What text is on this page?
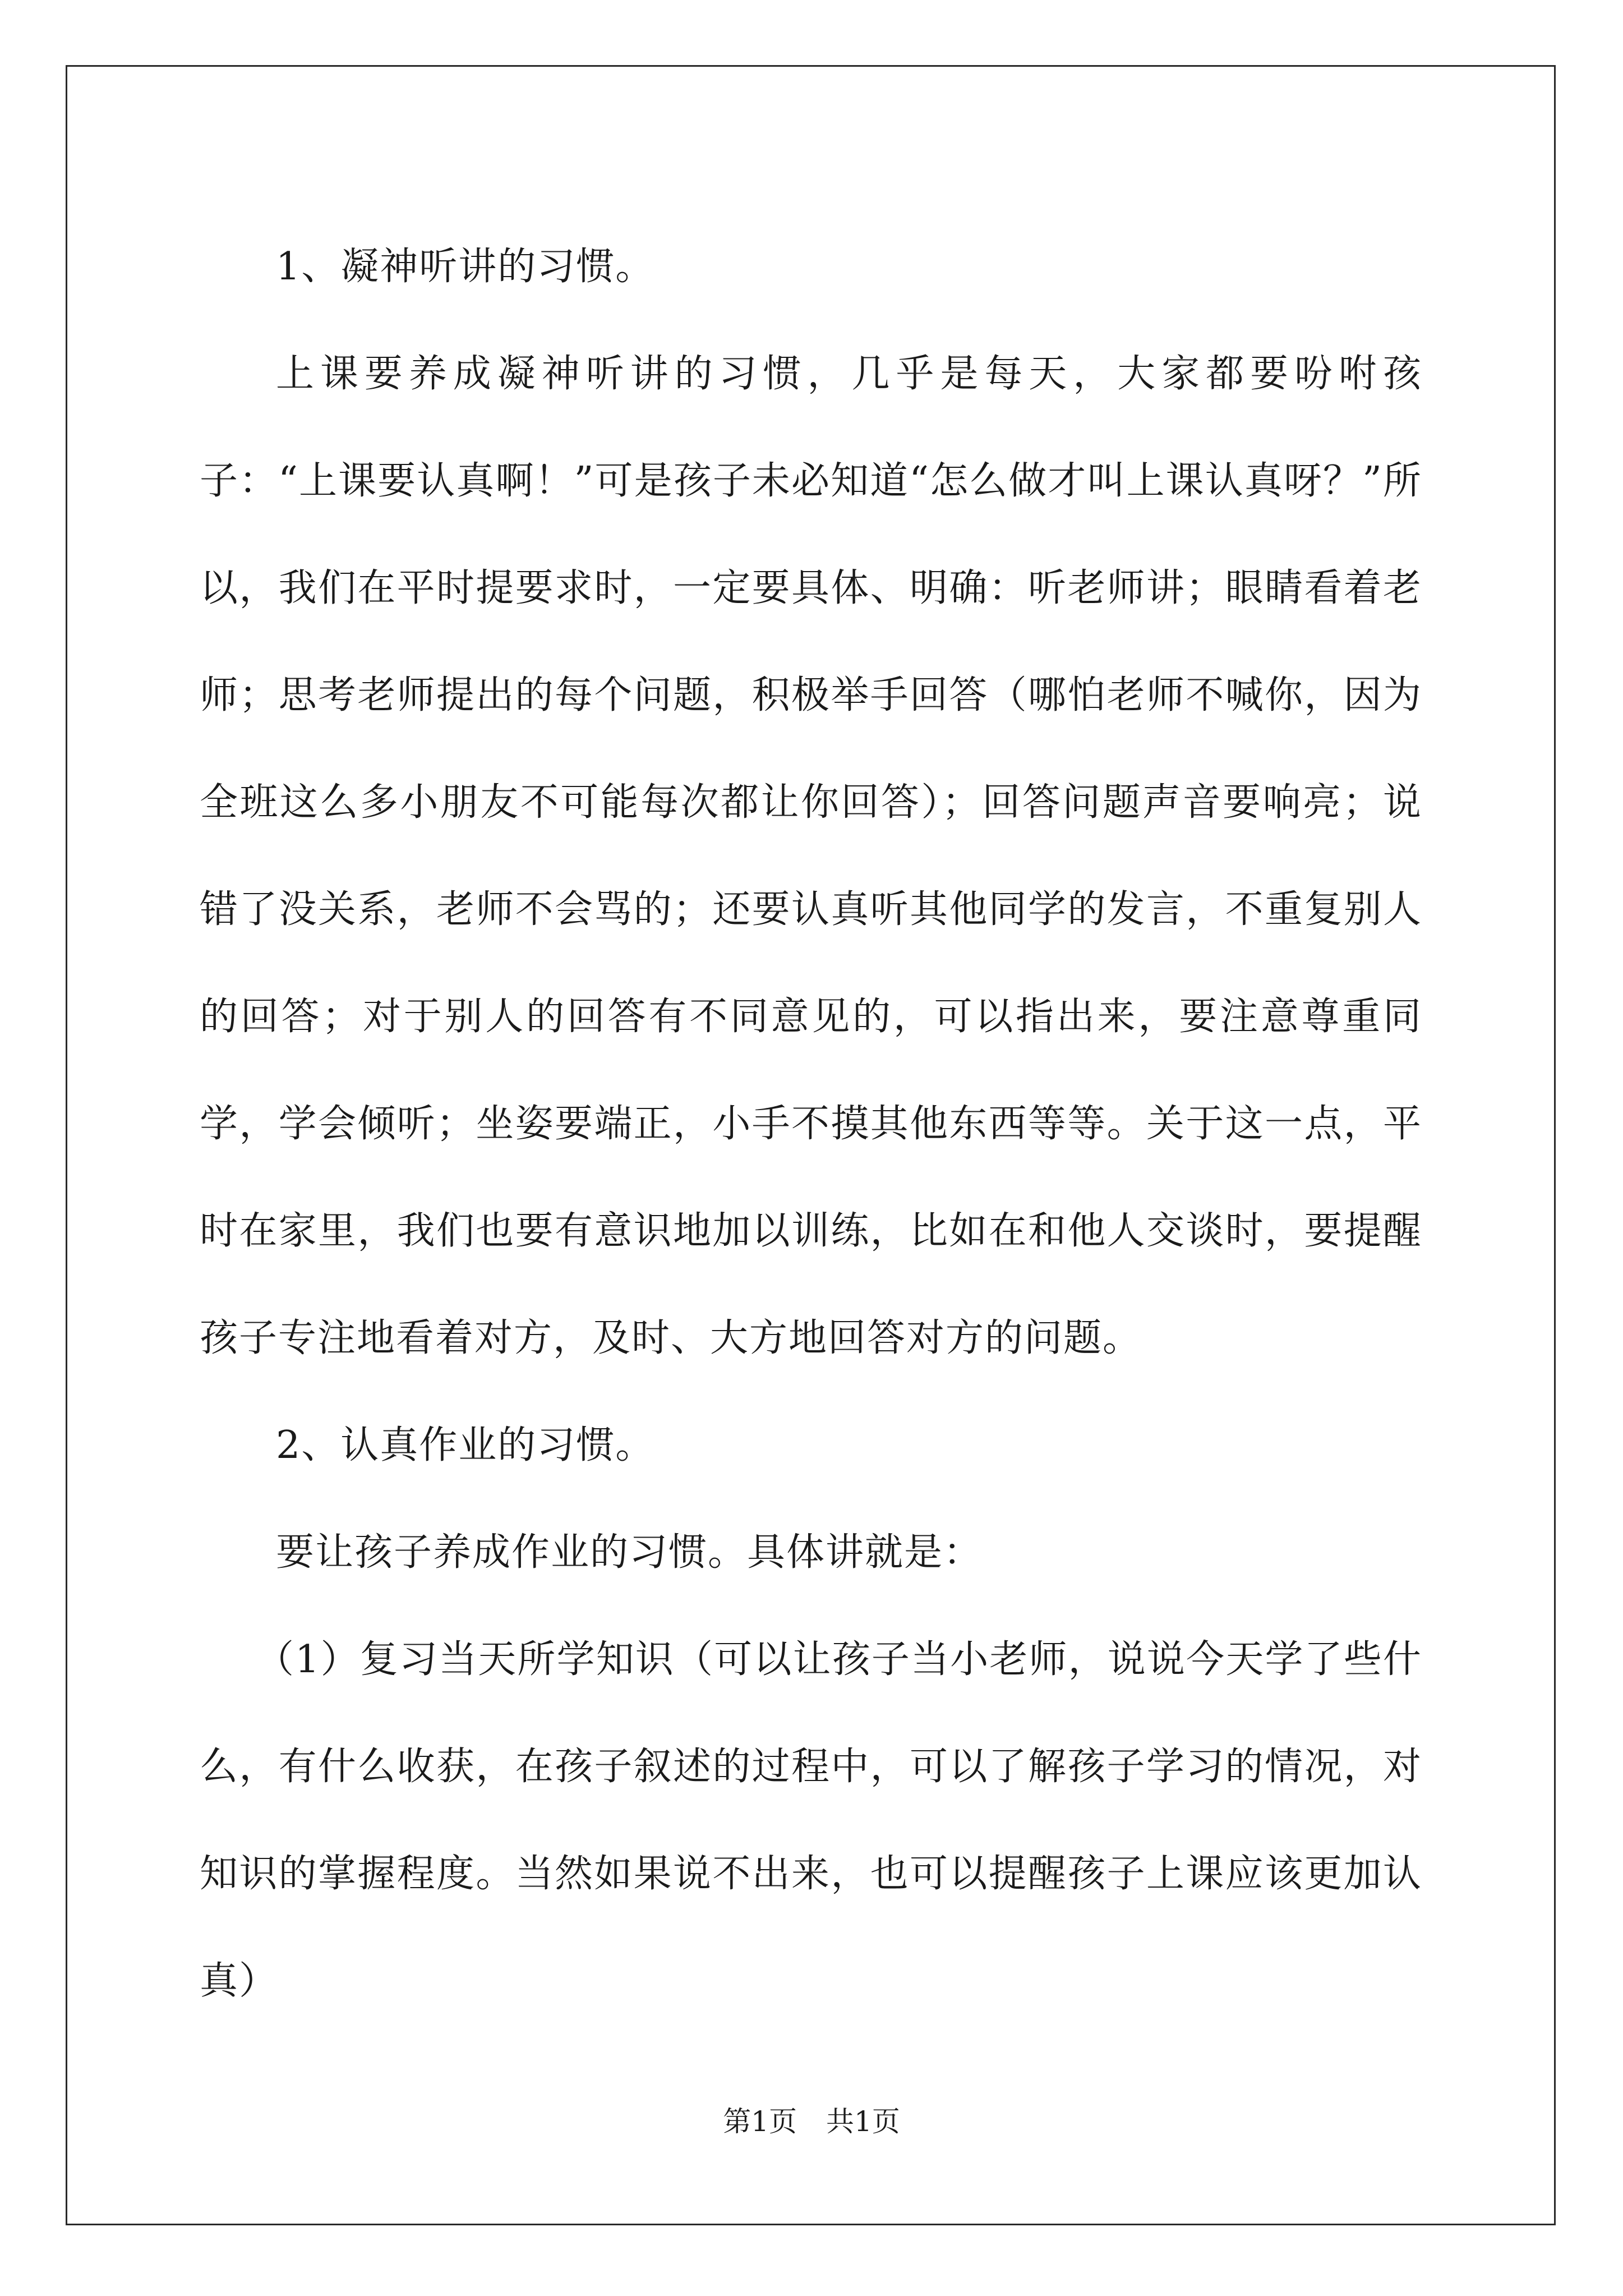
1、凝神听讲的习惯。

上课要养成凝神听讲的习惯，几乎是每天，大家都要吩咐孩子：“上课要认真啊！”可是孩子未必知道“怎么做才叫上课认真呀？”所以，我们在平时提要求时，一定要具体、明确：听老师讲；眼睛看着老师；思考老师提出的每个问题，积极举手回答（哪怕老师不喊你，因为全班这么多小朋友不可能每次都让你回答）；回答问题声音要响亮；说错了没关系，老师不会骂的；还要认真听其他同学的发言，不重复别人的回答；对于别人的回答有不同意见的，可以指出来，要注意尊重同学，学会倾听；坐姿要端正，小手不摸其他东西等等。关于这一点，平时在家里，我们也要有意识地加以训练，比如在和他人交谈时，要提醒孩子专注地看着对方，及时、大方地回答对方的问题。

2、认真作业的习惯。

要让孩子养成作业的习惯。具体讲就是：

（1）复习当天所学知识（可以让孩子当小老师，说说今天学了些什么，有什么收获，在孩子叙述的过程中，可以了解孩子学习的情况，对知识的掌握程度。当然如果说不出来，也可以提醒孩子上课应该更加认真）

第1页 共1页
